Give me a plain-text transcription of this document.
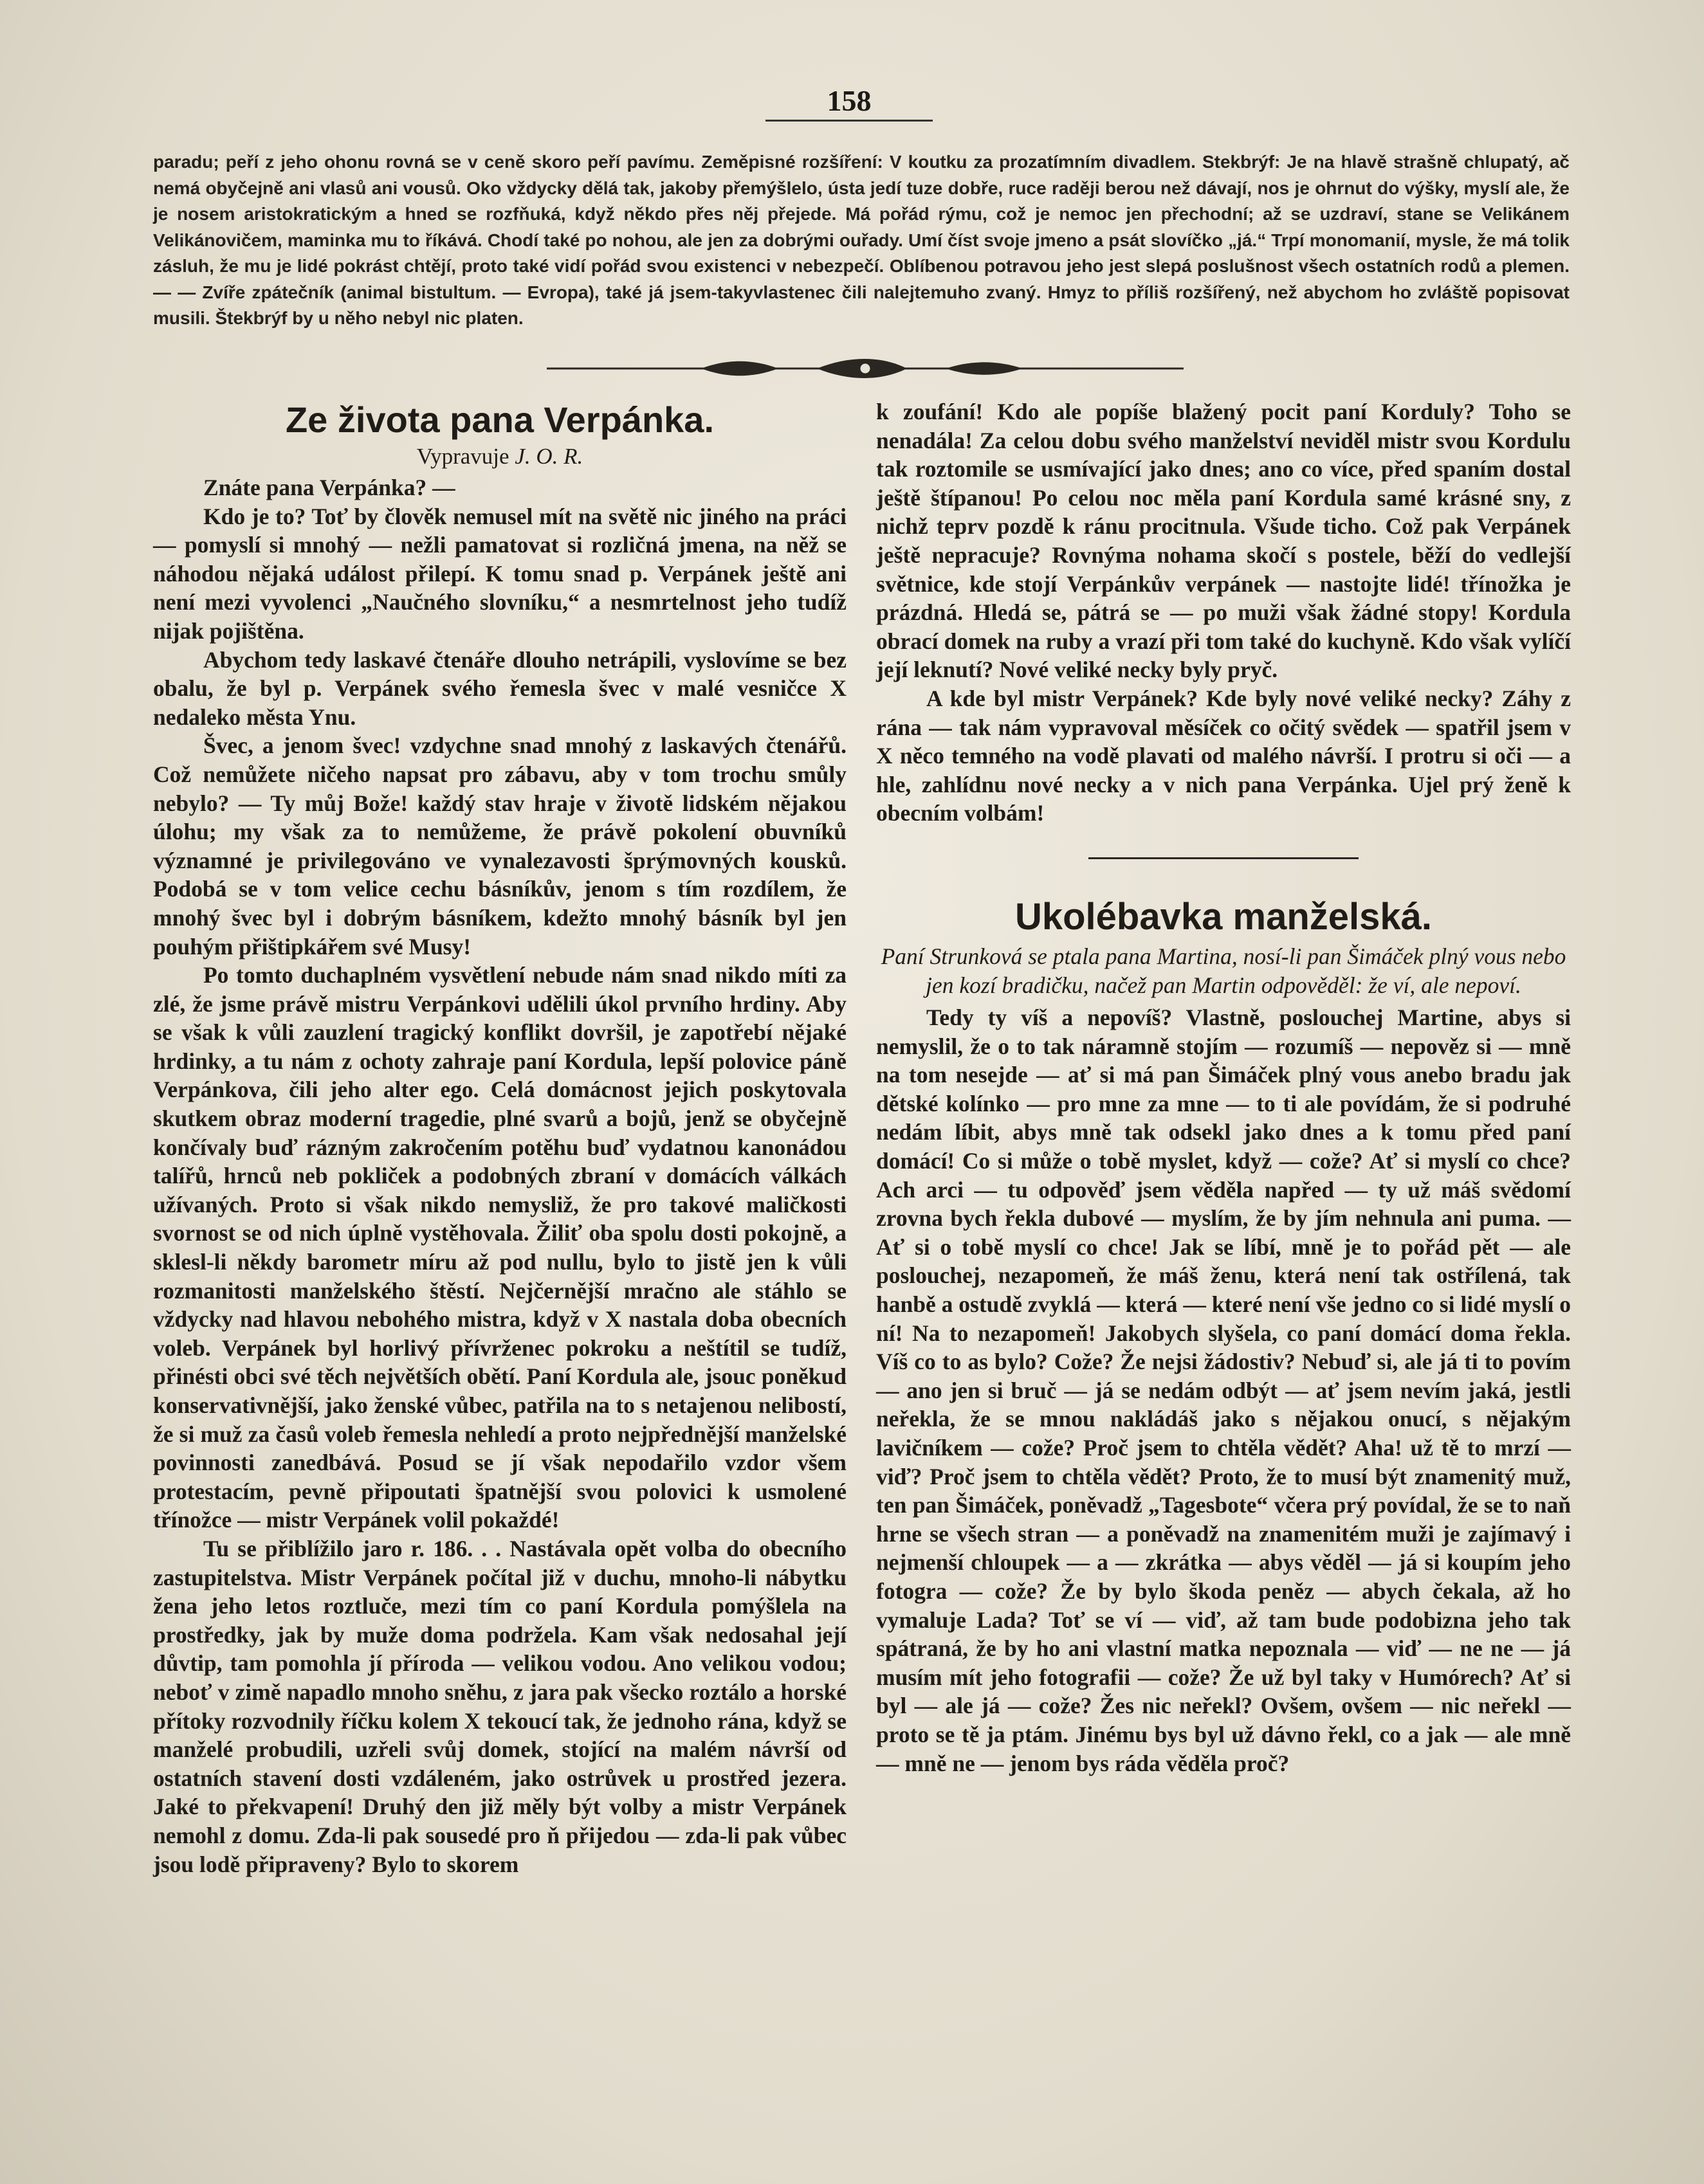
158

paradu; peří z jeho ohonu rovná se v ceně skoro peří pavímu. Zeměpisné rozšíření: V koutku za prozatímním divadlem. Stekbrýf: Je na hlavě strašně chlupatý, ač nemá obyčejně ani vlasů ani vousů. Oko vždycky dělá tak, jakoby přemýšlelo, ústa jedí tuze dobře, ruce raději berou než dávají, nos je ohrnut do výšky, myslí ale, že je nosem aristokratickým a hned se rozfňuká, když někdo přes něj přejede. Má pořád rýmu, což je nemoc jen přechodní; až se uzdraví, stane se Velikánem Velikánovičem, maminka mu to říkává. Chodí také po nohou, ale jen za dobrými ouřady. Umí číst svoje jmeno a psát slovíčko „já.“ Trpí monomanií, mysle, že má tolik zásluh, že mu je lidé pokrást chtějí, proto také vidí pořád svou existenci v nebezpečí. Oblíbenou potravou jeho jest slepá poslušnost všech ostatních rodů a plemen. — — Zvíře zpátečník (animal bistultum. — Evropa), také já jsem-takyvlastenec čili nalejtemuho zvaný. Hmyz to příliš rozšířený, než abychom ho zvláště popisovat musili. Štekbrýf by u něho nebyl nic platen.

Ze života pana Verpánka.
Vypravuje J. O. R.

Znáte pana Verpánka? —

Kdo je to? Toť by člověk nemusel mít na světě nic jiného na práci — pomyslí si mnohý — nežli pamatovat si rozličná jmena, na něž se náhodou nějaká událost přilepí. K tomu snad p. Verpánek ještě ani není mezi vyvolenci „Naučného slovníku,“ a nesmrtelnost jeho tudíž nijak pojištěna.

Abychom tedy laskavé čtenáře dlouho netrápili, vyslovíme se bez obalu, že byl p. Verpánek svého řemesla švec v malé vesničce X nedaleko města Ynu.

Švec, a jenom švec! vzdychne snad mnohý z laskavých čtenářů. Což nemůžete ničeho napsat pro zábavu, aby v tom trochu smůly nebylo? — Ty můj Bože! každý stav hraje v životě lidském nějakou úlohu; my však za to nemůžeme, že právě pokolení obuvníků významné je privilegováno ve vynalezavosti šprýmovných kousků. Podobá se v tom velice cechu básníkův, jenom s tím rozdílem, že mnohý švec byl i dobrým básníkem, kdežto mnohý básník byl jen pouhým přištipkářem své Musy!

Po tomto duchaplném vysvětlení nebude nám snad nikdo míti za zlé, že jsme právě mistru Verpánkovi udělili úkol prvního hrdiny. Aby se však k vůli zauzlení tragický konflikt dovršil, je zapotřebí nějaké hrdinky, a tu nám z ochoty zahraje paní Kordula, lepší polovice páně Verpánkova, čili jeho alter ego. Celá domácnost jejich poskytovala skutkem obraz moderní tragedie, plné svarů a bojů, jenž se obyčejně končívaly buď rázným zakročením potěhu buď vydatnou kanonádou talířů, hrnců neb pokliček a podobných zbraní v domácích válkách užívaných. Proto si však nikdo nemysliž, že pro takové maličkosti svornost se od nich úplně vystěhovala. Žiliť oba spolu dosti pokojně, a sklesl-li někdy barometr míru až pod nullu, bylo to jistě jen k vůli rozmanitosti manželského štěstí. Nejčernější mračno ale stáhlo se vždycky nad hlavou nebohého mistra, když v X nastala doba obecních voleb. Verpánek byl horlivý přívrženec pokroku a neštítil se tudíž, přinésti obci své těch největších obětí. Paní Kordula ale, jsouc poněkud konservativnější, jako ženské vůbec, patřila na to s netajenou nelibostí, že si muž za časů voleb řemesla nehledí a proto nejpřednější manželské povinnosti zanedbává. Posud se jí však nepodařilo vzdor všem protestacím, pevně připoutati špatnější svou polovici k usmolené třínožce — mistr Verpánek volil pokaždé!

Tu se přiblížilo jaro r. 186. . . Nastávala opět volba do obecního zastupitelstva. Mistr Verpánek počítal již v duchu, mnoho-li nábytku žena jeho letos roztluče, mezi tím co paní Kordula pomýšlela na prostředky, jak by muže doma podržela. Kam však nedosahal její důvtip, tam pomohla jí příroda — velikou vodou. Ano velikou vodou; neboť v zimě napadlo mnoho sněhu, z jara pak všecko roztálo a horské přítoky rozvodnily říčku kolem X tekoucí tak, že jednoho rána, když se manželé probudili, uzřeli svůj domek, stojící na malém návrší od ostatních stavení dosti vzdáleném, jako ostrůvek u prostřed jezera. Jaké to překvapení! Druhý den již měly být volby a mistr Verpánek nemohl z domu. Zda-li pak sousedé pro ň přijedou — zda-li pak vůbec jsou lodě připraveny? Bylo to skorem

k zoufání! Kdo ale popíše blažený pocit paní Korduly? Toho se nenadála! Za celou dobu svého manželství neviděl mistr svou Kordulu tak roztomile se usmívající jako dnes; ano co více, před spaním dostal ještě štípanou! Po celou noc měla paní Kordula samé krásné sny, z nichž teprv pozdě k ránu procitnula. Všude ticho. Což pak Verpánek ještě nepracuje? Rovnýma nohama skočí s postele, běží do vedlejší světnice, kde stojí Verpánkův verpánek — nastojte lidé! třínožka je prázdná. Hledá se, pátrá se — po muži však žádné stopy! Kordula obrací domek na ruby a vrazí při tom také do kuchyně. Kdo však vylíčí její leknutí? Nové veliké necky byly pryč.

A kde byl mistr Verpánek? Kde byly nové veliké necky? Záhy z rána — tak nám vypravoval měsíček co očitý svědek — spatřil jsem v X něco temného na vodě plavati od malého návrší. I protru si oči — a hle, zahlídnu nové necky a v nich pana Verpánka. Ujel prý ženě k obecním volbám!

Ukolébavka manželská.

Paní Strunková se ptala pana Martina, nosí-li pan Šimáček plný vous nebo jen kozí bradičku, načež pan Martin odpověděl: že ví, ale nepoví.

Tedy ty víš a nepovíš? Vlastně, poslouchej Martine, abys si nemyslil, že o to tak náramně stojím — rozumíš — nepověz si — mně na tom nesejde — ať si má pan Šimáček plný vous anebo bradu jak dětské kolínko — pro mne za mne — to ti ale povídám, že si podruhé nedám líbit, abys mně tak odsekl jako dnes a k tomu před paní domácí! Co si může o tobě myslet, když — cože? Ať si myslí co chce? Ach arci — tu odpověď jsem věděla napřed — ty už máš svědomí zrovna bych řekla dubové — myslím, že by jím nehnula ani puma. — Ať si o tobě myslí co chce! Jak se líbí, mně je to pořád pět — ale poslouchej, nezapomeň, že máš ženu, která není tak ostřílená, tak hanbě a ostudě zvyklá — která — které není vše jedno co si lidé myslí o ní! Na to nezapomeň! Jakobych slyšela, co paní domácí doma řekla. Víš co to as bylo? Cože? Že nejsi žádostiv? Nebuď si, ale já ti to povím — ano jen si bruč — já se nedám odbýt — ať jsem nevím jaká, jestli neřekla, že se mnou nakládáš jako s nějakou onucí, s nějakým lavičníkem — cože? Proč jsem to chtěla vědět? Aha! už tě to mrzí — viď? Proč jsem to chtěla vědět? Proto, že to musí být znamenitý muž, ten pan Šimáček, poněvadž „Tagesbote“ včera prý povídal, že se to naň hrne se všech stran — a poněvadž na znamenitém muži je zajímavý i nejmenší chloupek — a — zkrátka — abys věděl — já si koupím jeho fotogra — cože? Že by bylo škoda peněz — abych čekala, až ho vymaluje Lada? Toť se ví — viď, až tam bude podobizna jeho tak spátraná, že by ho ani vlastní matka nepoznala — viď — ne ne — já musím mít jeho fotografii — cože? Že už byl taky v Humórech? Ať si byl — ale já — cože? Žes nic neřekl? Ovšem, ovšem — nic neřekl — proto se tě ja ptám. Jinému bys byl už dávno řekl, co a jak — ale mně — mně ne — jenom bys ráda věděla proč?
